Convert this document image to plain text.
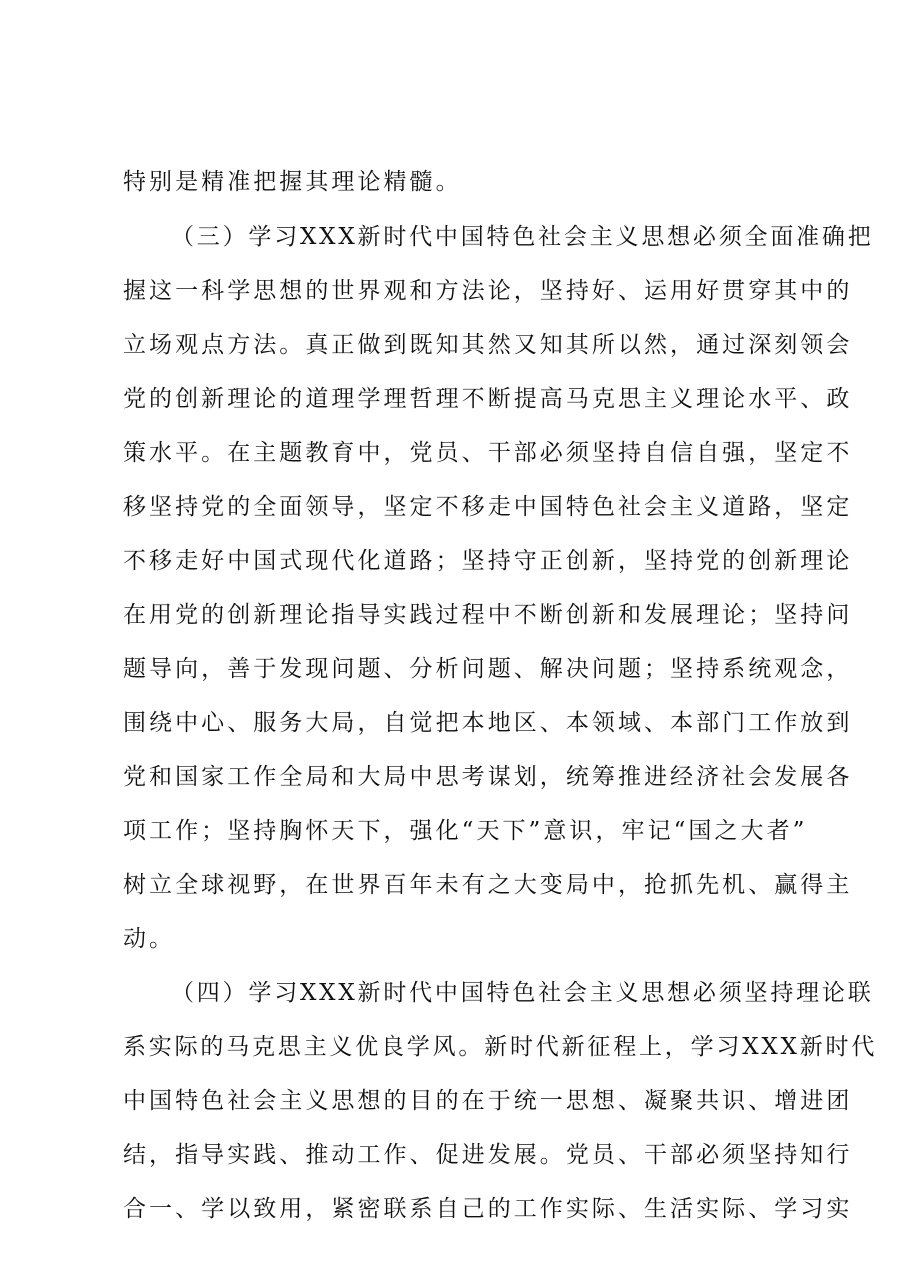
特别是精准把握其理论精髓。
（三）学习XXX新时代中国特色社会主义思想必须全面准确把
握这一科学思想的世界观和方法论，坚持好、运用好贯穿其中的
立场观点方法。真正做到既知其然又知其所以然，通过深刻领会
党的创新理论的道理学理哲理不断提高马克思主义理论水平、政
策水平。在主题教育中，党员、干部必须坚持自信自强，坚定不
移坚持党的全面领导，坚定不移走中国特色社会主义道路，坚定
不移走好中国式现代化道路；坚持守正创新，坚持党的创新理论
在用党的创新理论指导实践过程中不断创新和发展理论；坚持问
题导向，善于发现问题、分析问题、解决问题；坚持系统观念，
围绕中心、服务大局，自觉把本地区、本领域、本部门工作放到
党和国家工作全局和大局中思考谋划，统筹推进经济社会发展各
项工作；坚持胸怀天下，强化“天下”意识，牢记“国之大者”
树立全球视野，在世界百年未有之大变局中，抢抓先机、赢得主
动。
（四）学习XXX新时代中国特色社会主义思想必须坚持理论联
系实际的马克思主义优良学风。新时代新征程上，学习XXX新时代
中国特色社会主义思想的目的在于统一思想、凝聚共识、增进团
结，指导实践、推动工作、促进发展。党员、干部必须坚持知行
合一、学以致用，紧密联系自己的工作实际、生活实际、学习实
